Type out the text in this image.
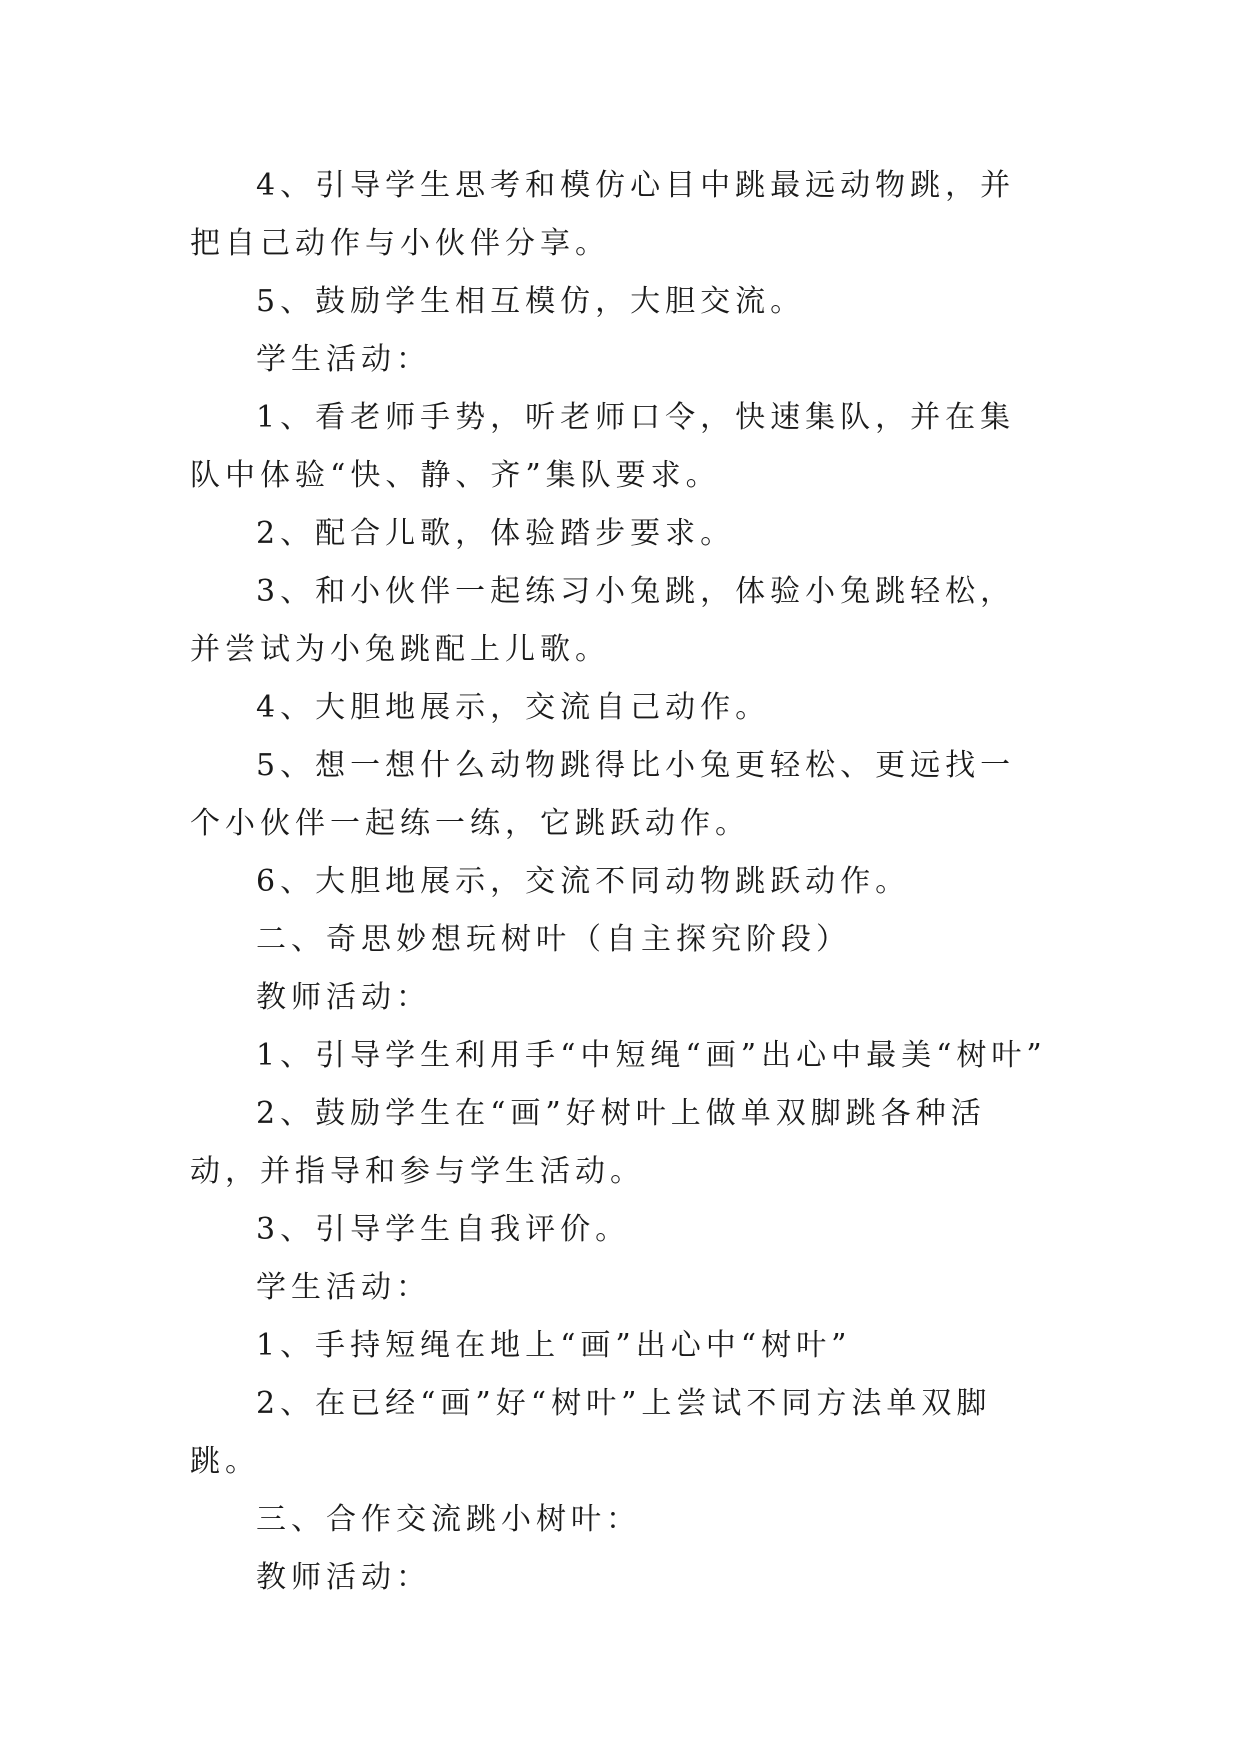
4、引导学生思考和模仿心目中跳最远动物跳，并把自己动作与小伙伴分享。

5、鼓励学生相互模仿，大胆交流。

学生活动：

1、看老师手势，听老师口令，快速集队，并在集队中体验“快、静、齐”集队要求。

2、配合儿歌，体验踏步要求。

3、和小伙伴一起练习小兔跳，体验小兔跳轻松，并尝试为小兔跳配上儿歌。

4、大胆地展示，交流自己动作。

5、想一想什么动物跳得比小兔更轻松、更远找一个小伙伴一起练一练，它跳跃动作。

6、大胆地展示，交流不同动物跳跃动作。

二、奇思妙想玩树叶（自主探究阶段）

教师活动：

1、引导学生利用手“中短绳“画”出心中最美“树叶”

2、鼓励学生在“画”好树叶上做单双脚跳各种活动，并指导和参与学生活动。

3、引导学生自我评价。

学生活动：

1、手持短绳在地上“画”出心中“树叶”

2、在已经“画”好“树叶”上尝试不同方法单双脚跳。

三、合作交流跳小树叶：

教师活动：
